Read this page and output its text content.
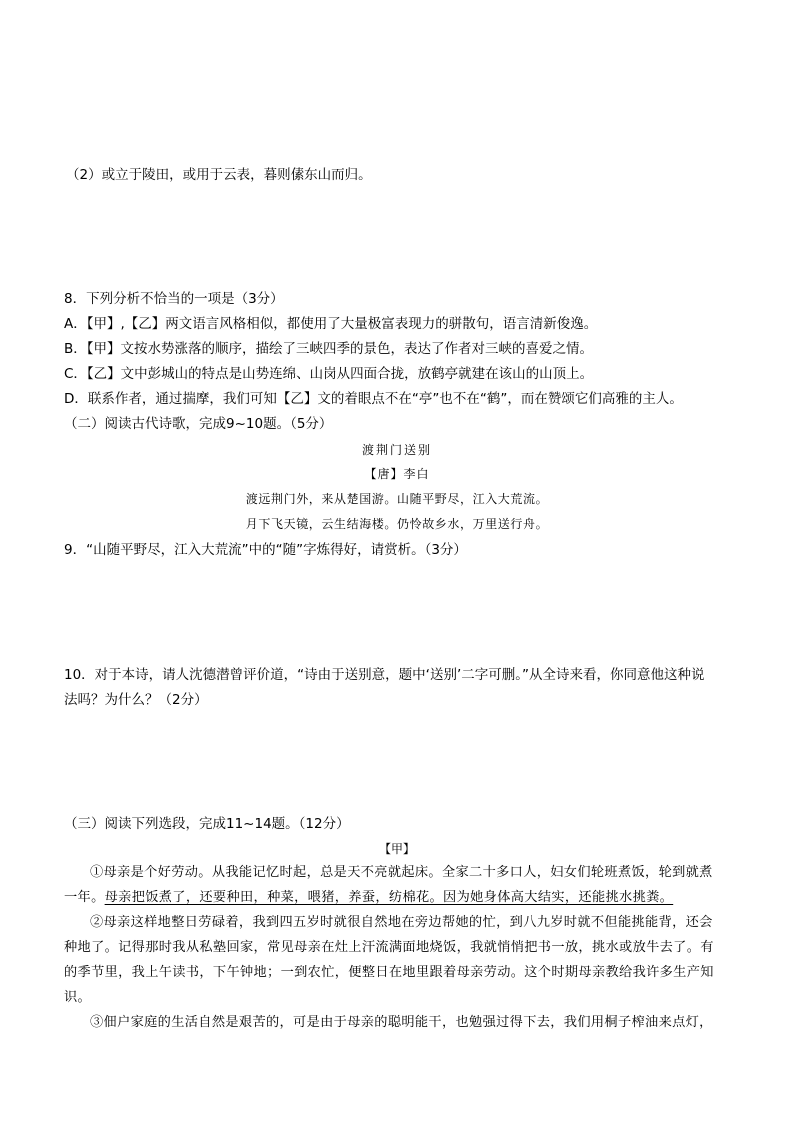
（2）或立于陵田，或用于云表，暮则傃东山而归。
8．下列分析不恰当的一项是（3分）
A．【甲】,【乙】两文语言风格相似，都使用了大量极富表现力的骈散句，语言清新俊逸。
B．【甲】文按水势涨落的顺序，描绘了三峡四季的景色，表达了作者对三峡的喜爱之情。
C．【乙】文中彭城山的特点是山势连绵、山岗从四面合拢，放鹤亭就建在该山的山顶上。
D．联系作者，通过揣摩，我们可知【乙】文的着眼点不在“亭”也不在“鹤”，而在赞颂它们高雅的主人。
（二）阅读古代诗歌，完成9~10题。（5分）
渡荆门送别
【唐】李白
渡远荆门外，来从楚国游。山随平野尽，江入大荒流。
月下飞天镜，云生结海楼。仍怜故乡水，万里送行舟。
9．“山随平野尽，江入大荒流”中的“随”字炼得好，请赏析。（3分）
10．对于本诗，请人沈德潜曾评价道，“诗由于送别意，题中‘送别’二字可删。”从全诗来看，你同意他这种说
法吗？为什么？（2分）
（三）阅读下列选段，完成11~14题。（12分）
【甲】
①母亲是个好劳动。从我能记忆时起，总是天不亮就起床。全家二十多口人，妇女们轮班煮饭，轮到就煮
一年。母亲把饭煮了，还要种田，种菜，喂猪，养蚕，纺棉花。因为她身体高大结实，还能挑水挑粪。
②母亲这样地整日劳碌着，我到四五岁时就很自然地在旁边帮她的忙，到八九岁时就不但能挑能背，还会
种地了。记得那时我从私塾回家，常见母亲在灶上汗流满面地烧饭，我就悄悄把书一放，挑水或放牛去了。有
的季节里，我上午读书，下午钟地；一到农忙，便整日在地里跟着母亲劳动。这个时期母亲教给我许多生产知
识。
③佃户家庭的生活自然是艰苦的，可是由于母亲的聪明能干，也勉强过得下去，我们用桐子榨油来点灯，
